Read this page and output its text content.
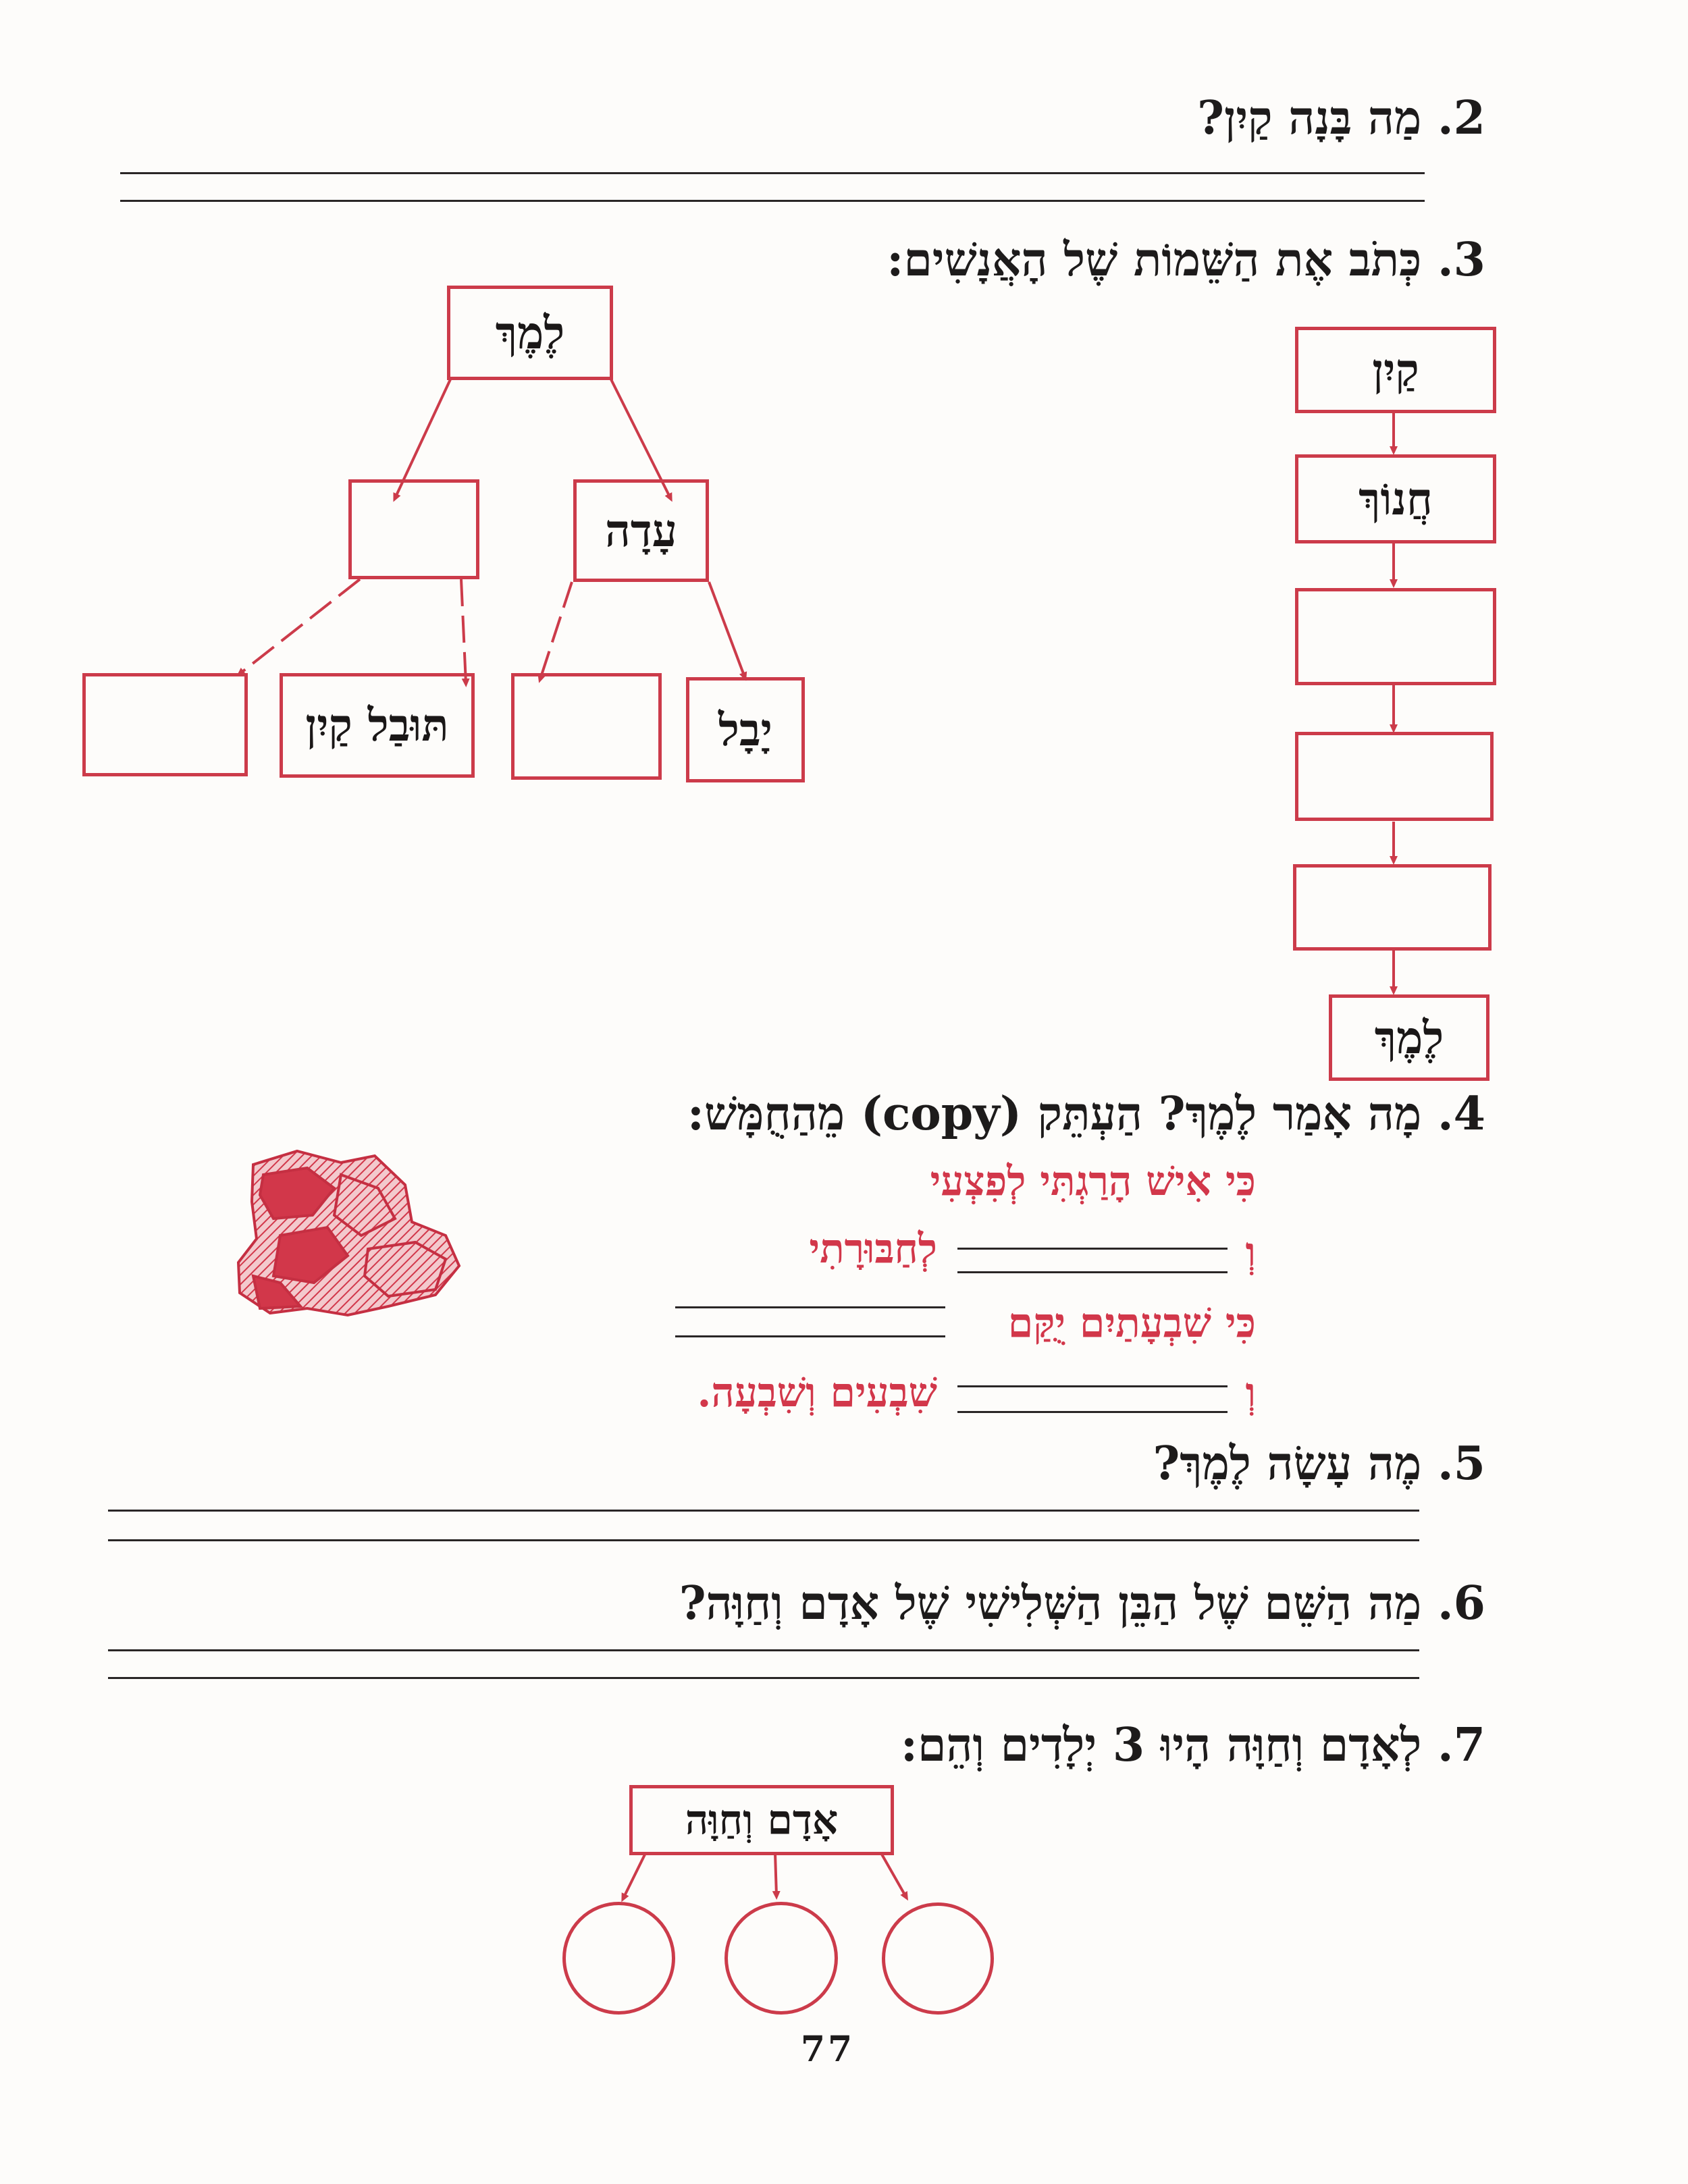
2. מַה בָּנָה קַיִן?
3. כְּתֹב אֶת הַשֵּׁמוֹת שֶׁל הָאֲנָשִׁים:
קַיִן
חֲנוֹךְ
לֶמֶךְ
לֶמֶךְ
עָדָה
יָבָל
תּוּבַל קַיִן
4. מָה אָמַר לֶמֶךְ? הַעְתֵּק (copy) מֵהַחֻמָּשׁ:
כִּי אִישׁ הָרַגְתִּי לְפִצְעִי
וְ
לְחַבּוּרָתִי
כִּי שִׁבְעָתַיִם יֻקַּם
וְ
שִׁבְעִים וְשִׁבְעָה.
5. מֶה עָשָׂה לֶמֶךְ?
6. מַה הַשֵּׁם שֶׁל הַבֵּן הַשְּׁלִישִׁי שֶׁל אָדָם וְחַוָּה?
7. לְאָדָם וְחַוָּה הָיוּ 3 יְלָדִים וְהֵם:
אָדָם וְחַוָּה
77
